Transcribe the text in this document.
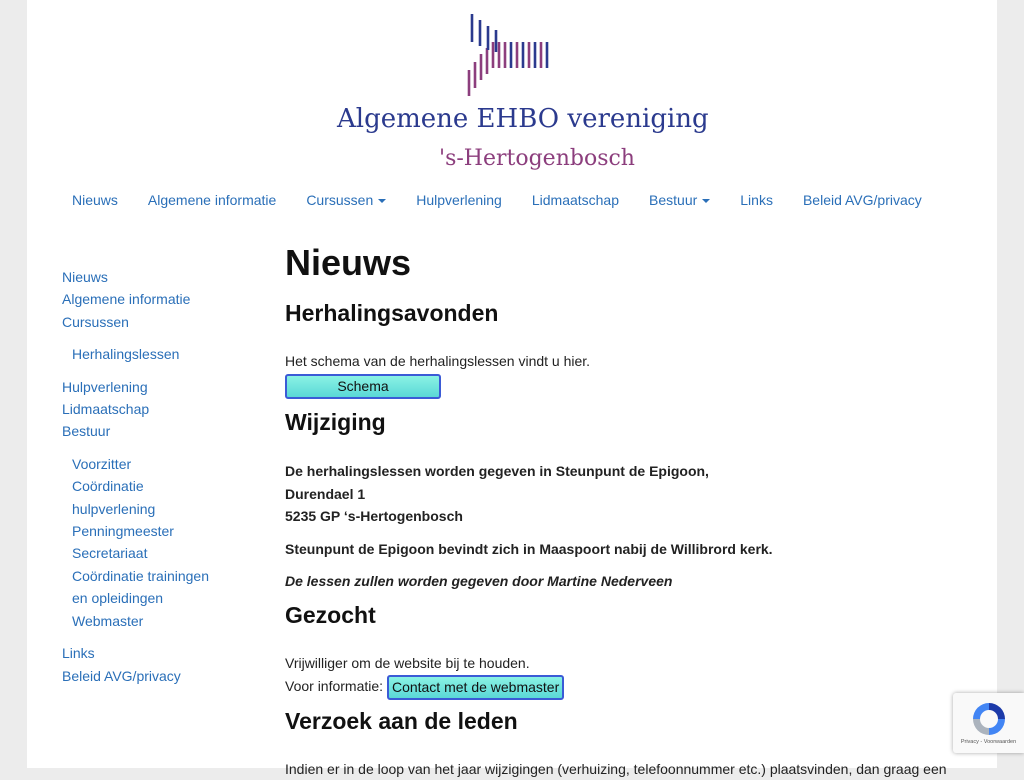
Algemene EHBO vereniging
's-Hertogenbosch
Nieuws	Algemene informatie	Cursussen	Hulpverlening	Lidmaatschap	Bestuur	Links	Beleid AVG/privacy
Nieuws
Algemene informatie
Cursussen
Herhalingslessen
Hulpverlening
Lidmaatschap
Bestuur
Voorzitter
Coördinatie hulpverlening
Penningmeester
Secretariaat
Coördinatie trainingen en opleidingen
Webmaster
Links
Beleid AVG/privacy
Nieuws
Herhalingsavonden

Het schema van de herhalingslessen vindt u hier.

Schema
Wijziging

De herhalingslessen worden gegeven in Steunpunt de Epigoon,

Durendael 1

5235 GP ‘s-Hertogenbosch

Steunpunt de Epigoon bevindt zich in Maaspoort nabij de Willibrord kerk.

De lessen zullen worden gegeven door Martine Nederveen

Gezocht

Vrijwilliger om de website bij te houden.

Voor informatie: Contact met de webmaster

Verzoek aan de leden

Indien er in de loop van het jaar wijzigingen (verhuizing, telefoonnummer etc.) plaatsvinden, dan graag een

Privacy - Voorwaarden
